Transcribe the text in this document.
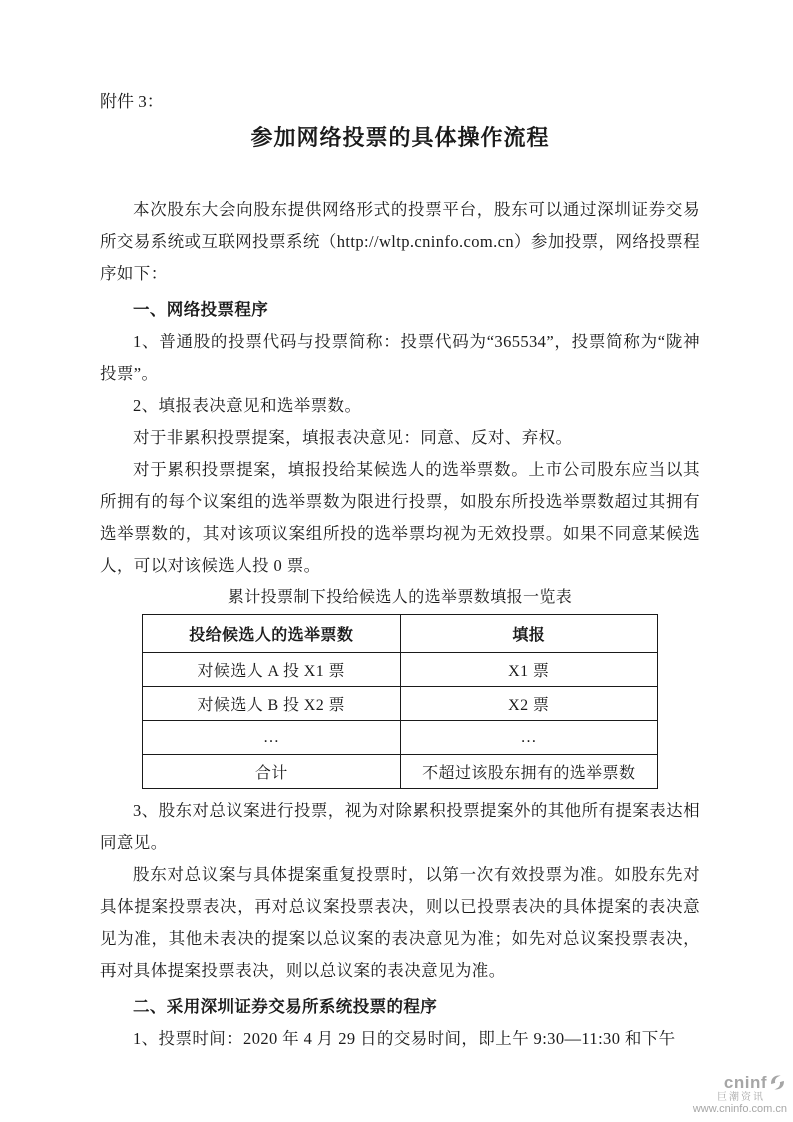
附件 3：
参加网络投票的具体操作流程

本次股东大会向股东提供网络形式的投票平台，股东可以通过深圳证券交易所交易系统或互联网投票系统（http://wltp.cninfo.com.cn）参加投票，网络投票程序如下：

一、网络投票程序

1、普通股的投票代码与投票简称：投票代码为“365534”，投票简称为“陇神投票”。

2、填报表决意见和选举票数。

对于非累积投票提案，填报表决意见：同意、反对、弃权。

对于累积投票提案，填报投给某候选人的选举票数。上市公司股东应当以其所拥有的每个议案组的选举票数为限进行投票，如股东所投选举票数超过其拥有选举票数的，其对该项议案组所投的选举票均视为无效投票。如果不同意某候选人，可以对该候选人投 0 票。

累计投票制下投给候选人的选举票数填报一览表
投给候选人的选举票数	填报
对候选人 A 投 X1 票	X1 票
对候选人 B 投 X2 票	X2 票
…	…
合计	不超过该股东拥有的选举票数

3、股东对总议案进行投票，视为对除累积投票提案外的其他所有提案表达相同意见。

股东对总议案与具体提案重复投票时，以第一次有效投票为准。如股东先对具体提案投票表决，再对总议案投票表决，则以已投票表决的具体提案的表决意见为准，其他未表决的提案以总议案的表决意见为准；如先对总议案投票表决，再对具体提案投票表决，则以总议案的表决意见为准。

二、采用深圳证券交易所系统投票的程序

1、投票时间：2020 年 4 月 29 日的交易时间，即上午 9:30—11:30 和下午

cninf
巨潮资讯
www.cninfo.com.cn
